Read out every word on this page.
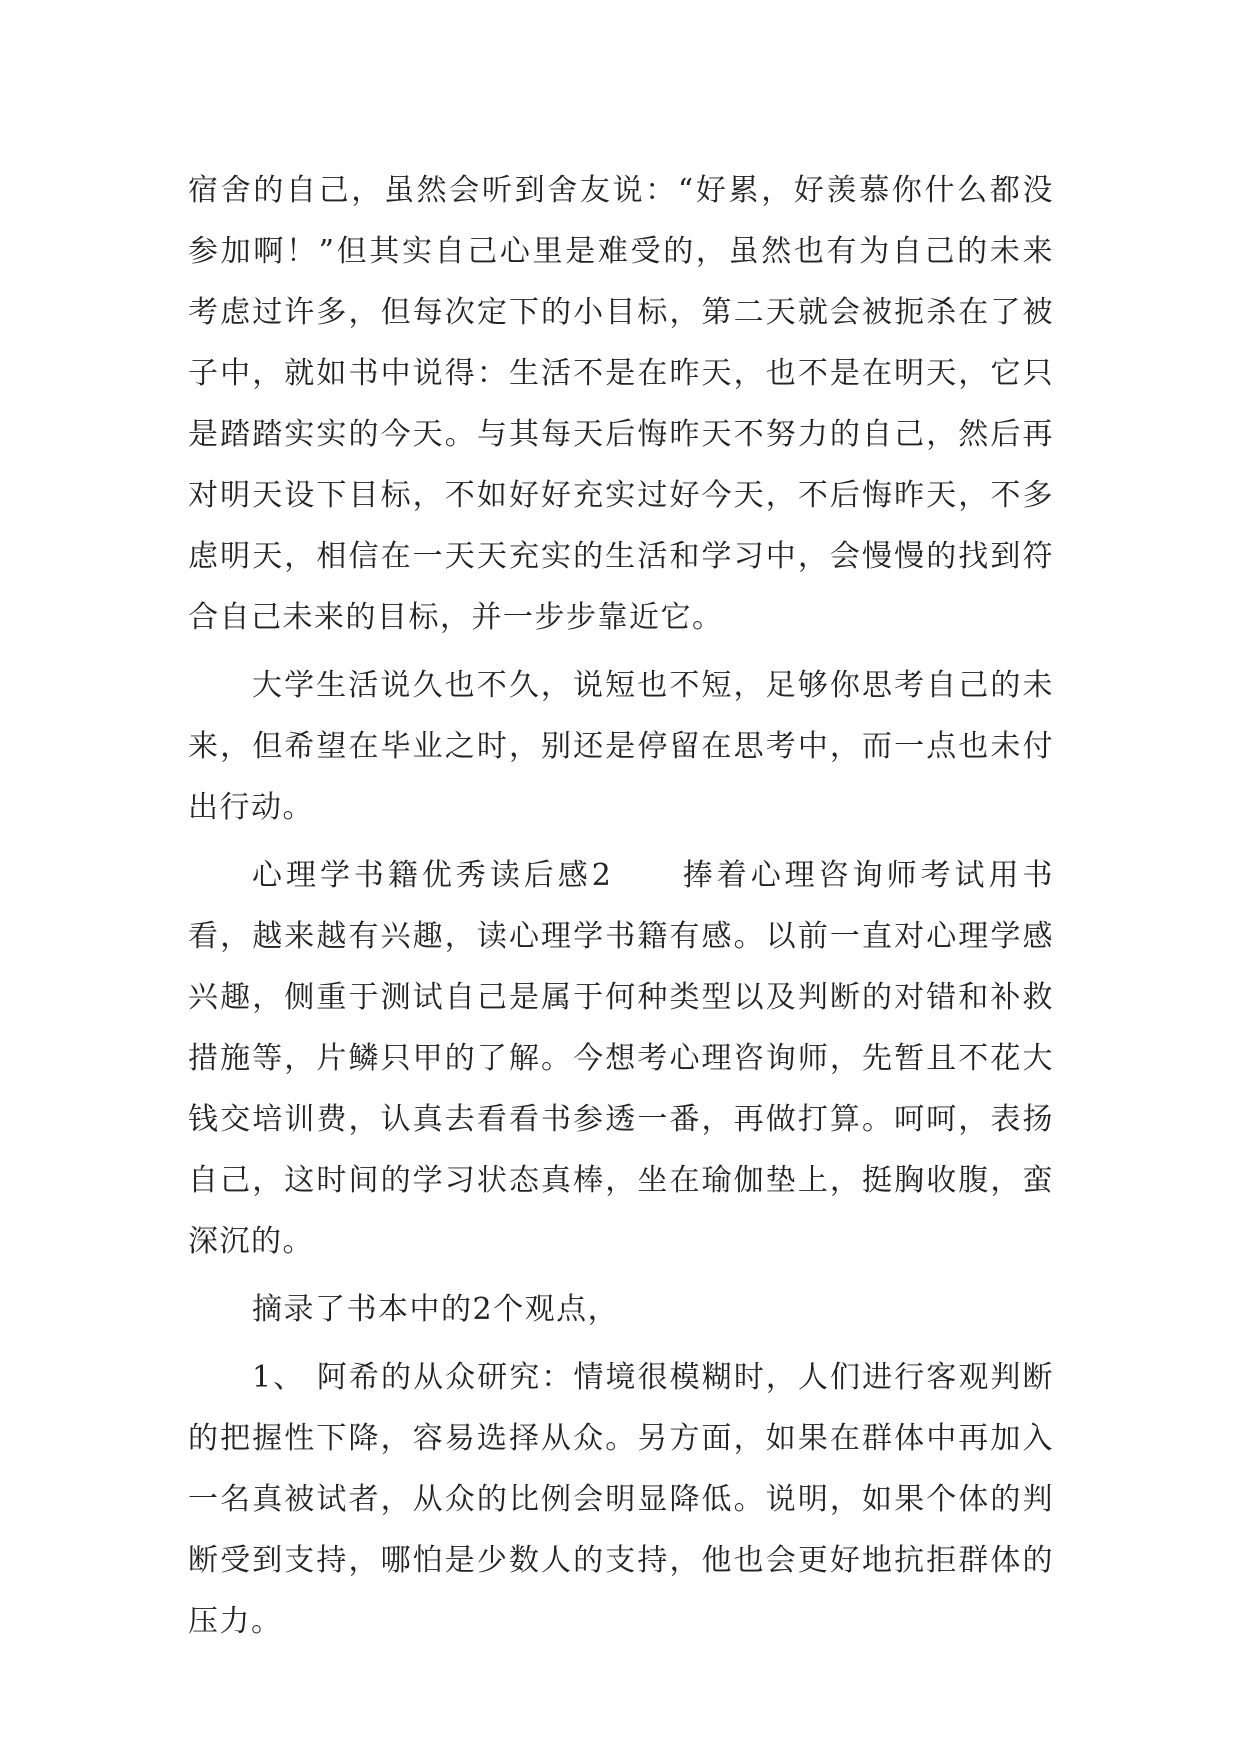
宿舍的自己，虽然会听到舍友说：“好累，好羡慕你什么都没参加啊！”但其实自己心里是难受的，虽然也有为自己的未来考虑过许多，但每次定下的小目标，第二天就会被扼杀在了被子中，就如书中说得：生活不是在昨天，也不是在明天，它只是踏踏实实的今天。与其每天后悔昨天不努力的自己，然后再对明天设下目标，不如好好充实过好今天，不后悔昨天，不多虑明天，相信在一天天充实的生活和学习中，会慢慢的找到符合自己未来的目标，并一步步靠近它。

大学生活说久也不久，说短也不短，足够你思考自己的未来，但希望在毕业之时，别还是停留在思考中，而一点也未付出行动。

心理学书籍优秀读后感2　　捧着心理咨询师考试用书看，越来越有兴趣，读心理学书籍有感。以前一直对心理学感兴趣，侧重于测试自己是属于何种类型以及判断的对错和补救措施等，片鳞只甲的了解。今想考心理咨询师，先暂且不花大钱交培训费，认真去看看书参透一番，再做打算。呵呵，表扬自己，这时间的学习状态真棒，坐在瑜伽垫上，挺胸收腹，蛮深沉的。

摘录了书本中的2个观点，

1、 阿希的从众研究：情境很模糊时，人们进行客观判断的把握性下降，容易选择从众。另方面，如果在群体中再加入一名真被试者，从众的比例会明显降低。说明，如果个体的判断受到支持，哪怕是少数人的支持，他也会更好地抗拒群体的压力。
